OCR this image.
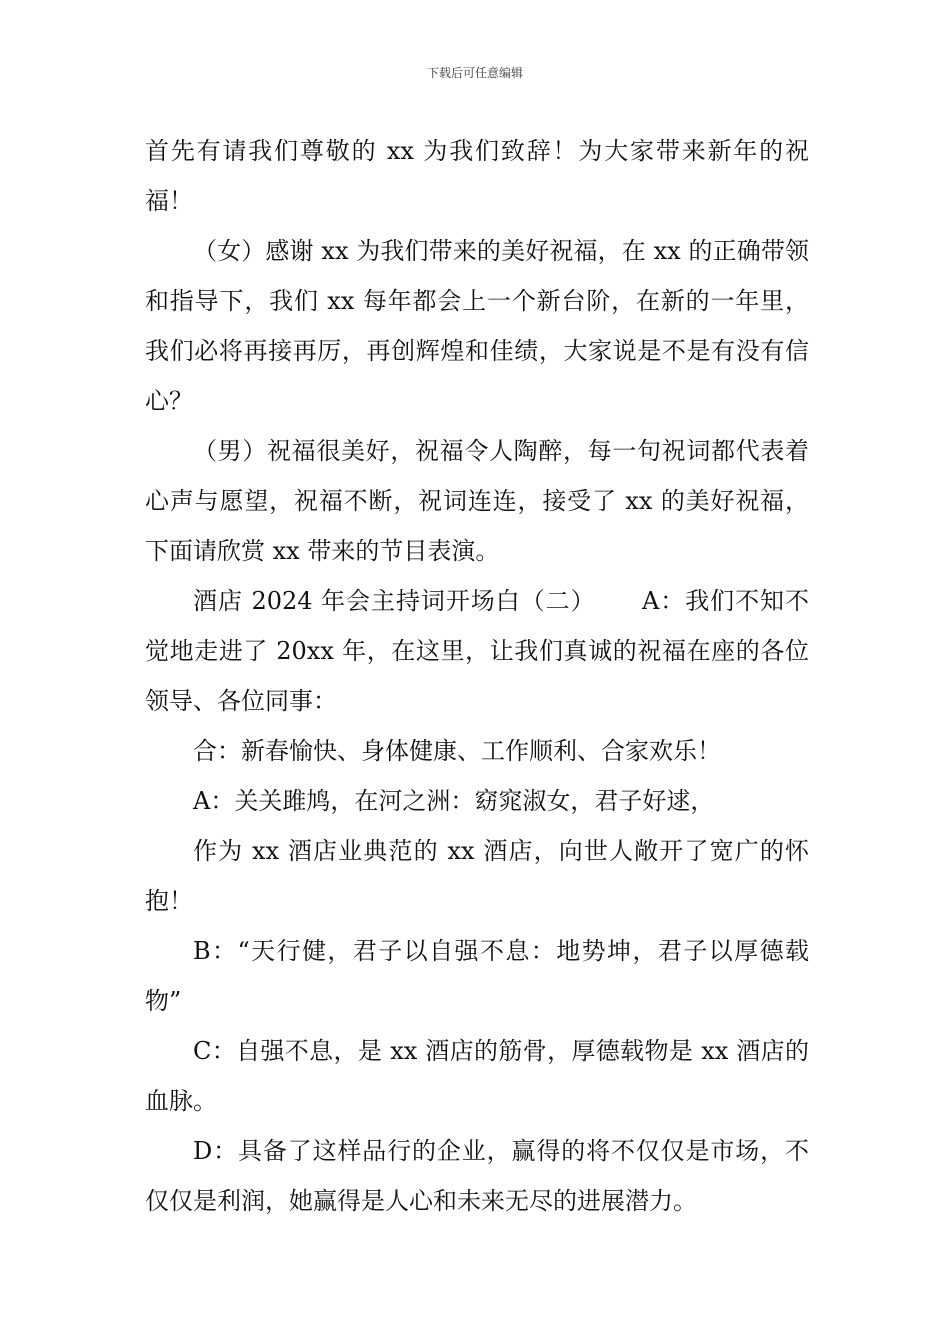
下载后可任意编辑

首先有请我们尊敬的 xx 为我们致辞！为大家带来新年的祝福！

（女）感谢 xx 为我们带来的美好祝福，在 xx 的正确带领和指导下，我们 xx 每年都会上一个新台阶，在新的一年里，我们必将再接再厉，再创辉煌和佳绩，大家说是不是有没有信心？

（男）祝福很美好，祝福令人陶醉，每一句祝词都代表着心声与愿望，祝福不断，祝词连连，接受了 xx 的美好祝福，下面请欣赏 xx 带来的节目表演。

酒店 2024 年会主持词开场白（二）　　 A：我们不知不觉地走进了 20xx 年，在这里，让我们真诚的祝福在座的各位领导、各位同事：

合：新春愉快、身体健康、工作顺利、合家欢乐！

A：关关雎鸠，在河之洲：窈窕淑女，君子好逑，

作为 xx 酒店业典范的 xx 酒店，向世人敞开了宽广的怀抱！

B：“天行健，君子以自强不息：地势坤，君子以厚德载物”

C：自强不息，是 xx 酒店的筋骨，厚德载物是 xx 酒店的血脉。

D：具备了这样品行的企业，赢得的将不仅仅是市场，不仅仅是利润，她赢得是人心和未来无尽的进展潜力。
